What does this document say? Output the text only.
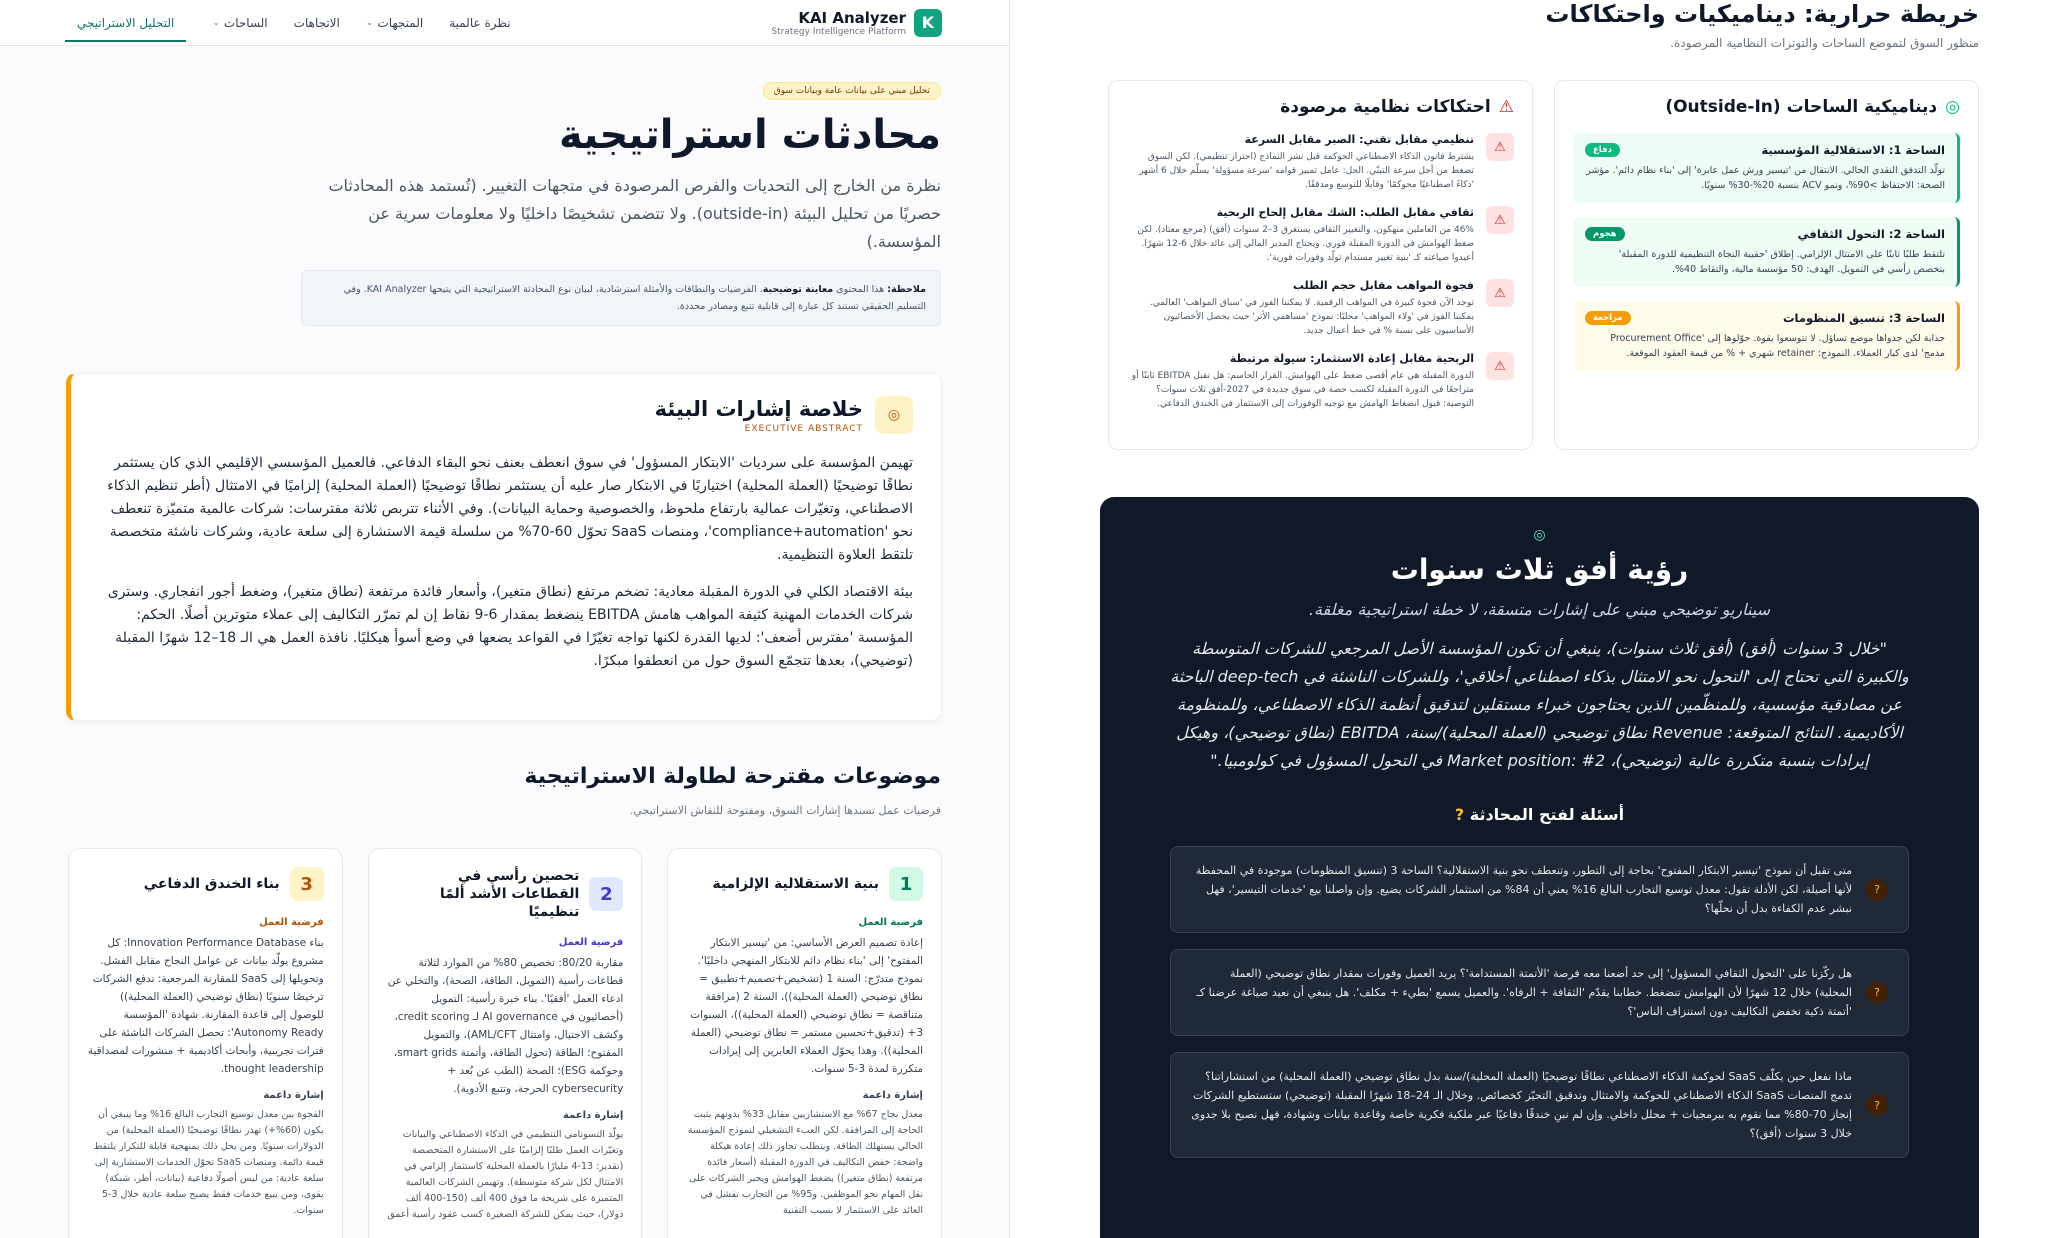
K
KAI Analyzer
Strategy Intelligence Platform
نظرة عالمية
المتجهات
⌄
الاتجاهات
الساحات
⌄
التحليل الاستراتيجي
تحليل مبني على بيانات عامة وبيانات سوق
محادثات استراتيجية

نظرة من الخارج إلى التحديات والفرص المرصودة في متجهات التغيير. (تُستمد هذه المحادثات حصريًا من تحليل البيئة (outside-in). ولا تتضمن تشخيصًا داخليًا ولا معلومات سرية عن المؤسسة.)

ملاحظة: هذا المحتوى معاينة توضيحية. الفرضيات والنطاقات والأمثلة استرشادية، لبيان نوع المحادثة الاستراتيجية التي يتيحها KAI Analyzer. وفي التسليم الحقيقي تستند كل عبارة إلى قابلية تتبع ومصادر محددة.
◎
خلاصة إشارات البيئة
EXECUTIVE ABSTRACT

تهيمن المؤسسة على سرديات 'الابتكار المسؤول' في سوق انعطف بعنف نحو البقاء الدفاعي. فالعميل المؤسسي الإقليمي الذي كان يستثمر نطاقًا توضيحيًا (العملة المحلية) اختياريًا في الابتكار صار عليه أن يستثمر نطاقًا توضيحيًا (العملة المحلية) إلزاميًا في الامتثال (أطر تنظيم الذكاء الاصطناعي، وتغيّرات عمالية بارتفاع ملحوظ، والخصوصية وحماية البيانات). وفي الأثناء تتربص ثلاثة مفترسات: شركات عالمية متميّزة تنعطف نحو 'compliance+automation'، ومنصات SaaS تحوّل 60-70% من سلسلة قيمة الاستشارة إلى سلعة عادية، وشركات ناشئة متخصصة تلتقط العلاوة التنظيمية.

بيئة الاقتصاد الكلي في الدورة المقبلة معادية: تضخم مرتفع (نطاق متغير)، وأسعار فائدة مرتفعة (نطاق متغير)، وضغط أجور انفجاري. وسترى شركات الخدمات المهنية كثيفة المواهب هامش EBITDA ينضغط بمقدار 6-9 نقاط إن لم تمرّر التكاليف إلى عملاء متوترين أصلًا. الحكم: المؤسسة 'مفترس أضعف': لديها القدرة لكنها تواجه تغيّرًا في القواعد يضعها في وضع أسوأ هيكليًا. نافذة العمل هي الـ 18–12 شهرًا المقبلة (توضيحي)، بعدها تتجمّع السوق حول من انعطفوا مبكرًا.

موضوعات مقترحة لطاولة الاستراتيجية
فرضيات عمل تسندها إشارات السوق، ومفتوحة للنقاش الاستراتيجي.
1
بنية الاستقلالية الإلزامية
فرضية العمل
إعادة تصميم العرض الأساسي: من 'تيسير الابتكار المفتوح' إلى 'بناء نظام دائم للابتكار المنهجي داخليًا'. نموذج متدرّج: السنة 1 (تشخيص+تصميم+تطبيق = نطاق توضيحي (العملة المحلية))، السنة 2 (مرافقة متناقصة = نطاق توضيحي (العملة المحلية))، السنوات 3+ (تدقيق+تحسين مستمر = نطاق توضيحي (العملة المحلية)). وهذا يحوّل العملاء العابرين إلى إيرادات متكررة لمدة 3-5 سنوات.
إشارة داعمة
معدل نجاح 67% مع الاستشاريين مقابل 33% بدونهم يثبت الحاجة إلى المرافقة. لكن العبء التشغيلي لنموذج المؤسسة الحالي يستهلك الطاقة. ويتطلب تجاوز ذلك إعادة هيكلة واضحة: خفض التكاليف في الدورة المقبلة (أسعار فائدة مرتفعة (نطاق متغير)) يضغط الهوامش ويجبر الشركات على نقل المهام نحو الموظفين. و95% من التجارب تفشل في العائد على الاستثمار لا بسبب التقنية
2
تحصين رأسي في القطاعات الأشد ألمًا تنظيميًا
فرضية العمل
مقاربة 80/20: تخصيص 80% من الموارد لثلاثة قطاعات رأسية (التمويل، الطاقة، الصحة)، والتخلي عن ادعاء العمل 'أفقيًا'. بناء خبرة رأسية: التمويل (أخصائيون في AI governance لـ credit scoring، وكشف الاحتيال، وامتثال AML/CFT)، والتمويل المفتوح؛ الطاقة (تحول الطاقة، وأتمتة smart grids، وحوكمة ESG)؛ الصحة (الطب عن بُعد + cybersecurity الحرجة، وتتبع الأدوية).
إشارة داعمة
يولّد التسونامي التنظيمي في الذكاء الاصطناعي والبيانات وتغيّرات العمل طلبًا إلزاميًا على الاستشارة المتخصصة (تقدير: 13-4 مليارًا بالعملة المحلية كاستثمار إلزامي في الامتثال لكل شركة متوسطة). وتهيمن الشركات العالمية المتميزة على شريحة ما فوق 400 ألف (150-400 ألف دولار)، حيث يمكن للشركة الصغيرة كسب عقود رأسية أعمق
3
بناء الخندق الدفاعي
فرضية العمل
بناء Innovation Performance Database: كل مشروع يولّد بيانات عن عوامل النجاح مقابل الفشل. وتحويلها إلى SaaS للمقارنة المرجعية: تدفع الشركات ترخيصًا سنويًا (نطاق توضيحي (العملة المحلية)) للوصول إلى قاعدة المقارنة. شهادة 'المؤسسة Autonomy Ready': تحصل الشركات الناشئة على فترات تجريبية، وأبحاث أكاديمية + منشورات لمصداقية thought leadership.
إشارة داعمة
الفجوة بين معدل توسيع التجارب البالغ 16% وما ينبغي أن يكون (60%+) تهدر نطاقًا توضيحيًا (العملة المحلية) من الدولارات سنويًا. ومن يحل ذلك بمنهجية قابلة للتكرار يلتقط قيمة دائمة. ومنصات SaaS تحوّل الخدمات الاستشارية إلى سلعة عادية: من ليس أصولًا دفاعية (بيانات، أطر، شبكة) يقوى، ومن يبيع خدمات فقط يصبح سلعة عادية خلال 3-5 سنوات.
خريطة حرارية: ديناميكيات واحتكاكات
منظور السوق لتموضع الساحات والتوترات النظامية المرصودة.
◎
ديناميكية الساحات (Outside-In)
الساحة 1: الاستقلالية المؤسسية
دفاع
تولّد التدفق النقدي الحالي. الانتقال من 'تيسير ورش عمل عابرة' إلى 'بناء نظام دائم'. مؤشر الصحة: الاحتفاظ >90%، ونمو ACV بنسبة 20%-30% سنويًا.
الساحة 2: التحول الثقافي
هجوم
تلتقط طلبًا ثابتًا على الامتثال الإلزامي. إطلاق 'حقيبة النجاة التنظيمية للدورة المقبلة' بتخصص رأسي في التمويل. الهدف: 50 مؤسسة مالية، والتقاط 40%.
الساحة 3: تنسيق المنظومات
مراجعة
جذابة لكن جدواها موضع تساؤل. لا تتوسعوا بقوة. حوّلوها إلى 'Procurement Office مدمج' لدى كبار العملاء. النموذج: retainer شهري + % من قيمة العقود الموقعة.
⚠
احتكاكات نظامية مرصودة
⚠
تنظيمي مقابل تقني: الصبر مقابل السرعة
يشترط قانون الذكاء الاصطناعي الحوكمة قبل نشر النماذج (احتراز تنظيمي). لكن السوق تضغط من أجل سرعة التبنّي. الحل: عامل تمييز قوامه 'سرعة مسؤولة' يسلّم خلال 6 أشهر 'ذكاءً اصطناعيًا محوكمًا' وقابلًا للتوسع ومدققًا.
⚠
ثقافي مقابل الطلب: الشك مقابل إلحاح الربحية
46% من العاملين منهكون، والتغيير الثقافي يستغرق 3–2 سنوات (أفق) (مرجع معتاد). لكن ضغط الهوامش في الدورة المقبلة فوري. ويحتاج المدير المالي إلى عائد خلال 6-12 شهرًا. أعيدوا صياغته كـ 'بنية تغيير مستدام تولّد وفورات فورية'.
⚠
فجوة المواهب مقابل حجم الطلب
توجد الآن فجوة كبيرة في المواهب الرقمية. لا يمكننا الفوز في 'سباق المواهب' العالمي. يمكننا الفوز في 'ولاء المواهب' محليًا: نموذج 'مساهمي الأثر' حيث يحصل الأخصائيون الأساسيون على نسبة % في خط أعمال جديد.
⚠
الربحية مقابل إعادة الاستثمار: سيولة مرتبطة
الدورة المقبلة هي عام أقصى ضغط على الهوامش. القرار الحاسم: هل نقبل EBITDA ثابتًا أو متراجعًا في الدورة المقبلة لكسب حصة في سوق جديدة في 2027-أفق ثلاث سنوات؟ التوصية: قبول انضغاط الهامش مع توجيه الوفورات إلى الاستثمار في الخندق الدفاعي.
◎
رؤية أفق ثلاث سنوات
سيناريو توضيحي مبني على إشارات متسقة، لا خطة استراتيجية مغلقة.

"خلال 3 سنوات (أفق) (أفق ثلاث سنوات)، ينبغي أن تكون المؤسسة الأصل المرجعي للشركات المتوسطة والكبيرة التي تحتاج إلى 'التحول نحو الامتثال بذكاء اصطناعي أخلاقي'، وللشركات الناشئة في deep-tech الباحثة عن مصادقية مؤسسية، وللمنظّمين الذين يحتاجون خبراء مستقلين لتدقيق أنظمة الذكاء الاصطناعي، وللمنظومة الأكاديمية. النتائج المتوقعة: Revenue نطاق توضيحي (العملة المحلية)/سنة، EBITDA (نطاق توضيحي)، وهيكل إيرادات بنسبة متكررة عالية (توضيحي)، Market position: #2 في التحول المسؤول في كولومبيا."

أسئلة لفتح المحادثة ?
?
متى تقبل أن نموذج 'تيسير الابتكار المفتوح' بحاجة إلى التطور، وتنعطف نحو بنية الاستقلالية؟ الساحة 3 (تنسيق المنظومات) موجودة في المحفظة لأنها أصيلة، لكن الأدلة تقول: معدل توسيع التجارب البالغ 16% يعني أن 84% من استثمار الشركات يضيع. وإن واصلنا بيع 'خدمات التيسير'، فهل نبشر عدم الكفاءة بدل أن نحلّها؟
?
هل ركّزنا على 'التحول الثقافي المسؤول' إلى حد أضعنا معه فرصة 'الأتمتة المستدامة'؟ يريد العميل وفورات بمقدار نطاق توضيحي (العملة المحلية) خلال 12 شهرًا لأن الهوامش تنضغط. خطابنا يقدّم 'الثقافة + الرفاه'. والعميل يسمع 'بطيء + مكلف'. هل ينبغي أن نعيد صياغة عرضنا كـ 'أتمتة ذكية تخفض التكاليف دون استنزاف الناس'؟
?
ماذا نفعل حين يكلّف SaaS لحوكمة الذكاء الاصطناعي نطاقًا توضيحيًا (العملة المحلية)/سنة بدل نطاق توضيحي (العملة المحلية) من استشاراتنا؟ تدمج المنصات SaaS الذكاء الاصطناعي للحوكمة والامتثال وتدقيق التحيّز كخصائص. وخلال الـ 24–18 شهرًا المقبلة (توضيحي) ستستطيع الشركات إنجاز 70-80% مما نقوم به ببرمجيات + محلل داخلي. وإن لم نبنِ خندقًا دفاعيًا عبر ملكية فكرية خاصة وقاعدة بيانات وشهادة، فهل نصبح بلا جدوى خلال 3 سنوات (أفق)؟
